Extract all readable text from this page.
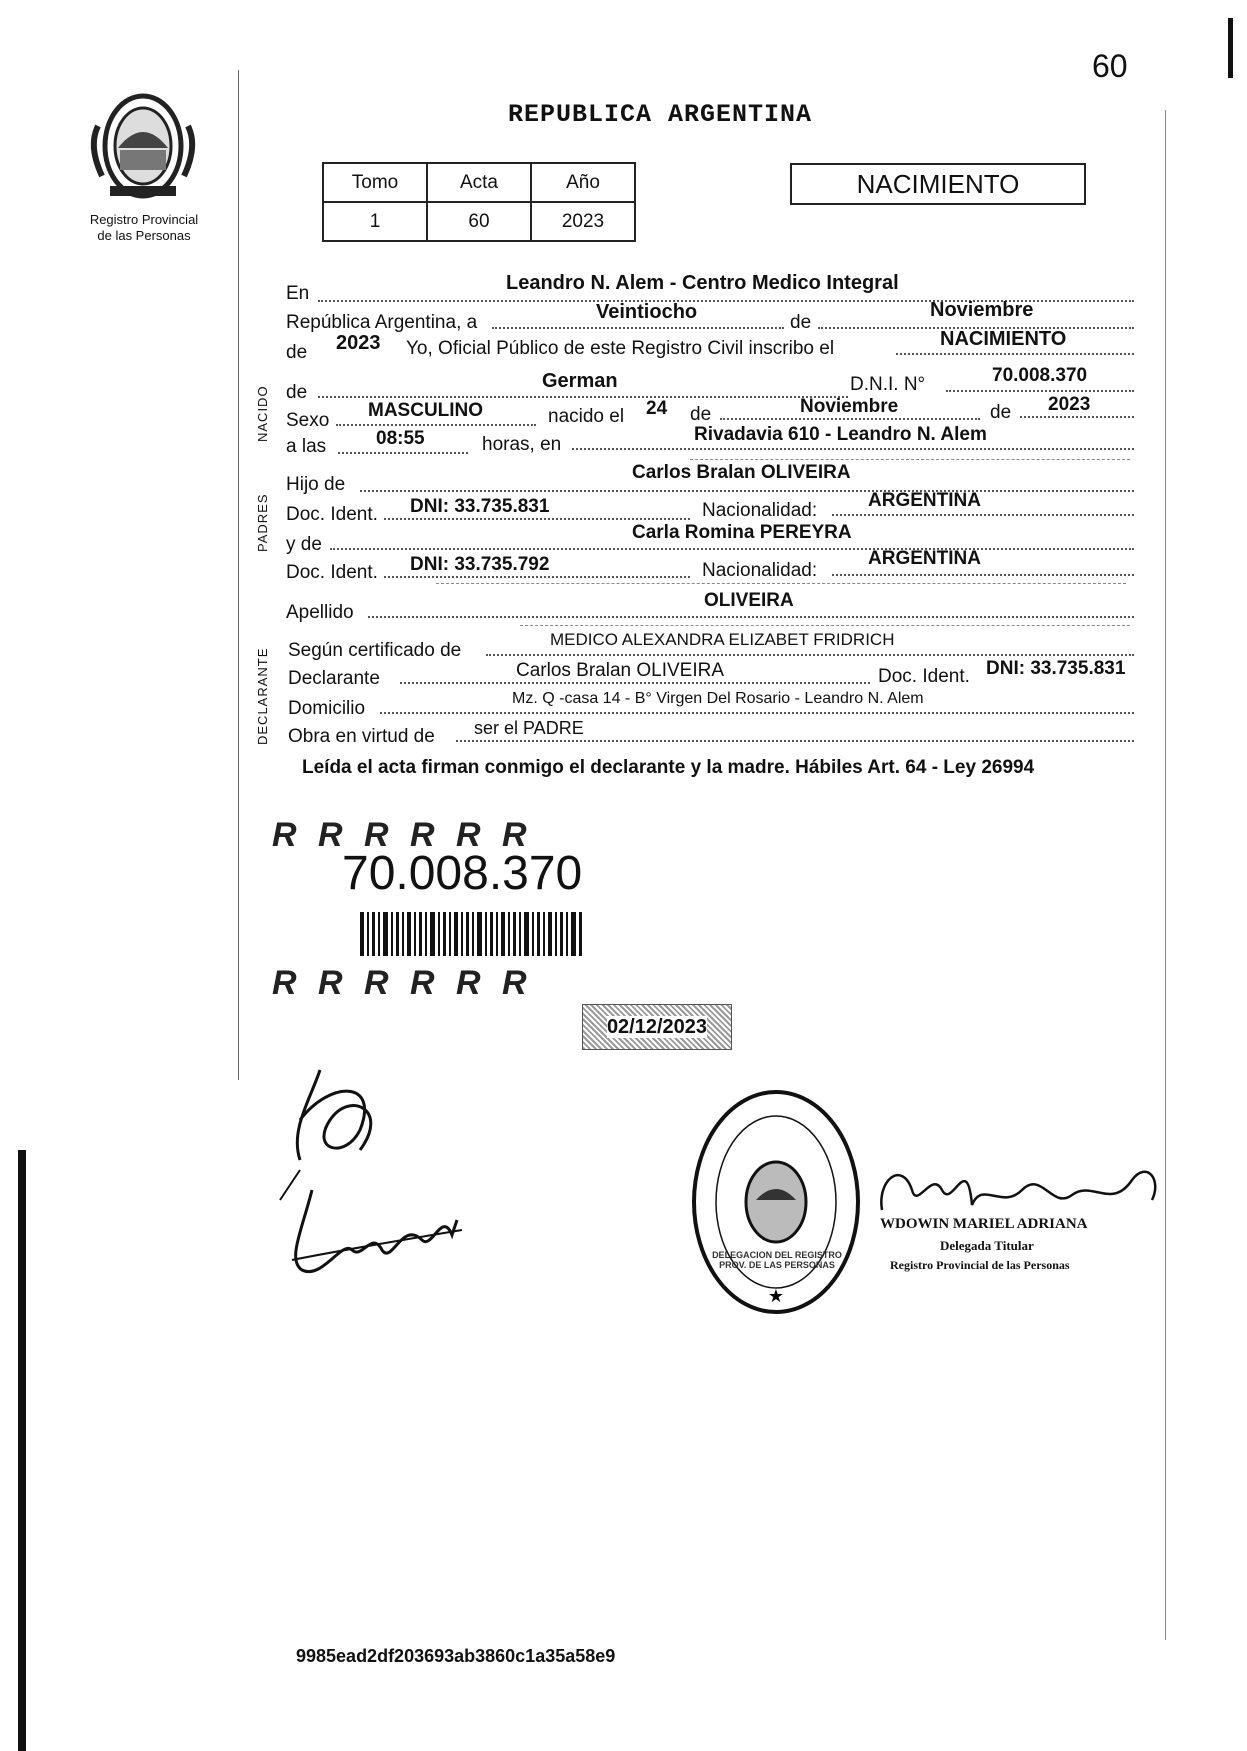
60
Registro Provincial
de las Personas
REPUBLICA ARGENTINA
Tomo	Acta	Año
1	60	2023
NACIMIENTO
NACIDO
PADRES
DECLARANTE
En	Leandro N. Alem - Centro Medico Integral
República Argentina, a	Veintiocho	de
Noviembre
de 2023 Yo, Oficial Público de este Registro Civil inscribo el	NACIMIENTO
de
German	D.N.I. N°	70.008.370
Sexo MASCULINO	nacido el 24 de	Noviembre	de 2023
a las	08:55	horas, en	Rivadavia 610 - Leandro N. Alem
Hijo de
Carlos Bralan OLIVEIRA
Doc. Ident. DNI: 33.735.831	Nacionalidad:	ARGENTINA
y de
Carla Romina PEREYRA
Doc. Ident. DNI: 33.735.792	Nacionalidad:
ARGENTINA
Apellido
OLIVEIRA
Según certificado de
MEDICO ALEXANDRA ELIZABET FRIDRICH
Declarante	Carlos Bralan OLIVEIRA	Doc. Ident. DNI: 33.735.831
Domicilio	Mz. Q -casa 14 - B° Virgen Del Rosario - Leandro N. Alem
Obra en virtud de ser el PADRE
Leída el acta firman conmigo el declarante y la madre. Hábiles Art. 64 - Ley 26994
R R R R R R
70.008.370
R R R R R R
02/12/2023
★
DELEGACION DEL REGISTRO PROV. DE LAS PERSONAS
WDOWIN MARIEL ADRIANA
Delegada Titular
Registro Provincial de las Personas
9985ead2df203693ab3860c1a35a58e9
